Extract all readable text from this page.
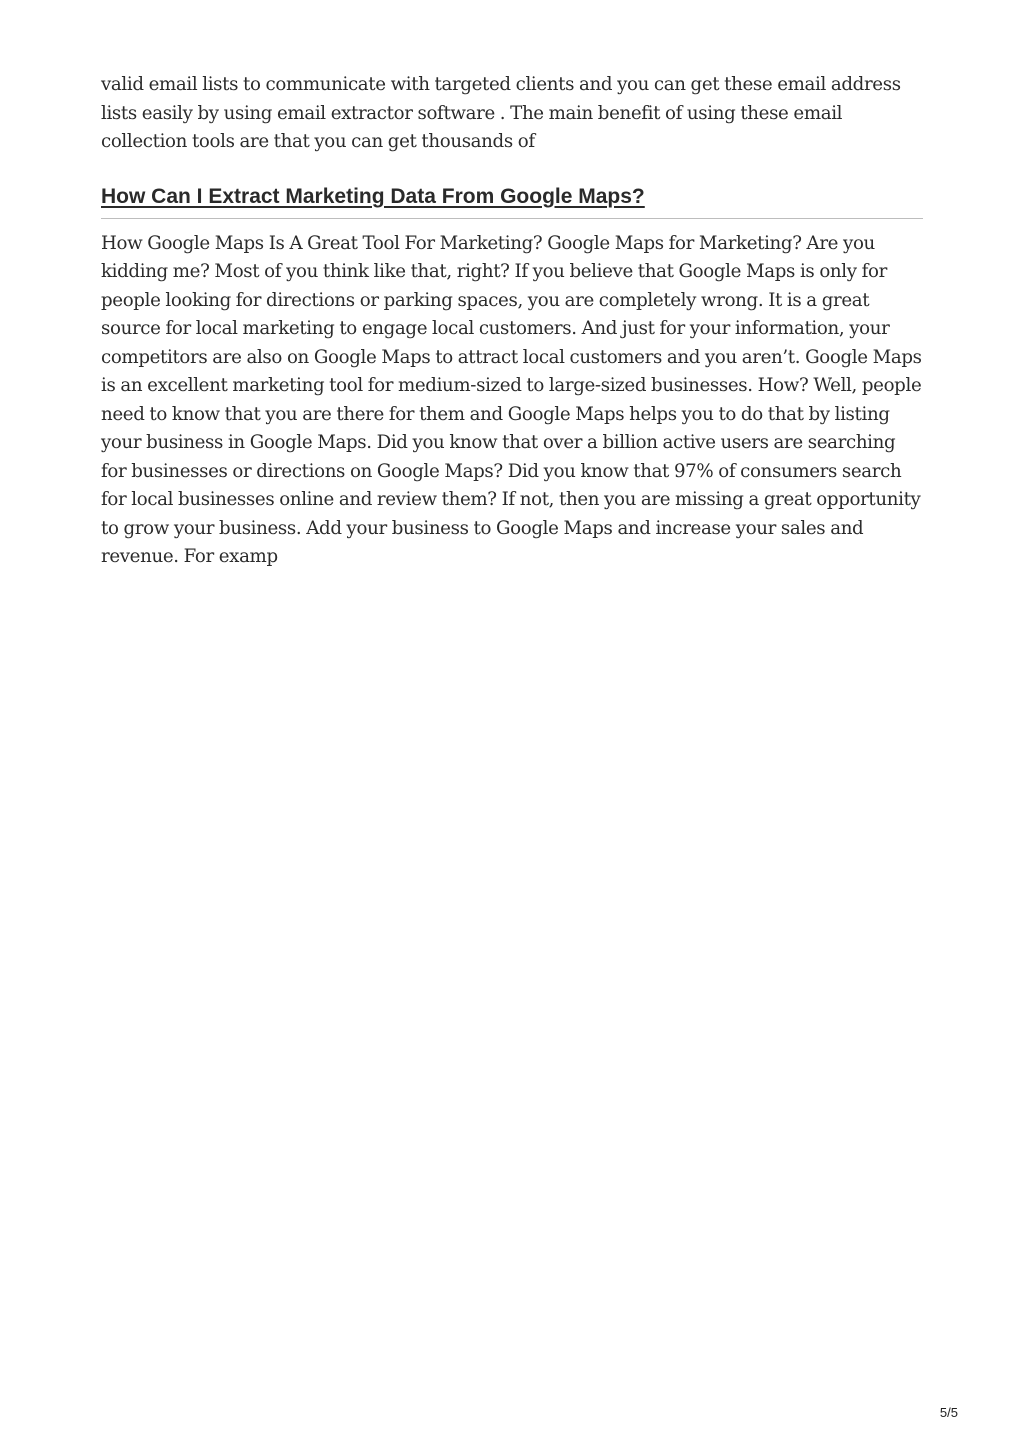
valid email lists to communicate with targeted clients and you can get these email address lists easily by using email extractor software . The main benefit of using these email collection tools are that you can get thousands of

How Can I Extract Marketing Data From Google Maps?

How Google Maps Is A Great Tool For Marketing? Google Maps for Marketing? Are you kidding me? Most of you think like that, right? If you believe that Google Maps is only for people looking for directions or parking spaces, you are completely wrong. It is a great source for local marketing to engage local customers. And just for your information, your competitors are also on Google Maps to attract local customers and you aren’t. Google Maps is an excellent marketing tool for medium-sized to large-sized businesses. How? Well, people need to know that you are there for them and Google Maps helps you to do that by listing your business in Google Maps. Did you know that over a billion active users are searching for businesses or directions on Google Maps? Did you know that 97% of consumers search for local businesses online and review them? If not, then you are missing a great opportunity to grow your business. Add your business to Google Maps and increase your sales and revenue. For examp

5/5
